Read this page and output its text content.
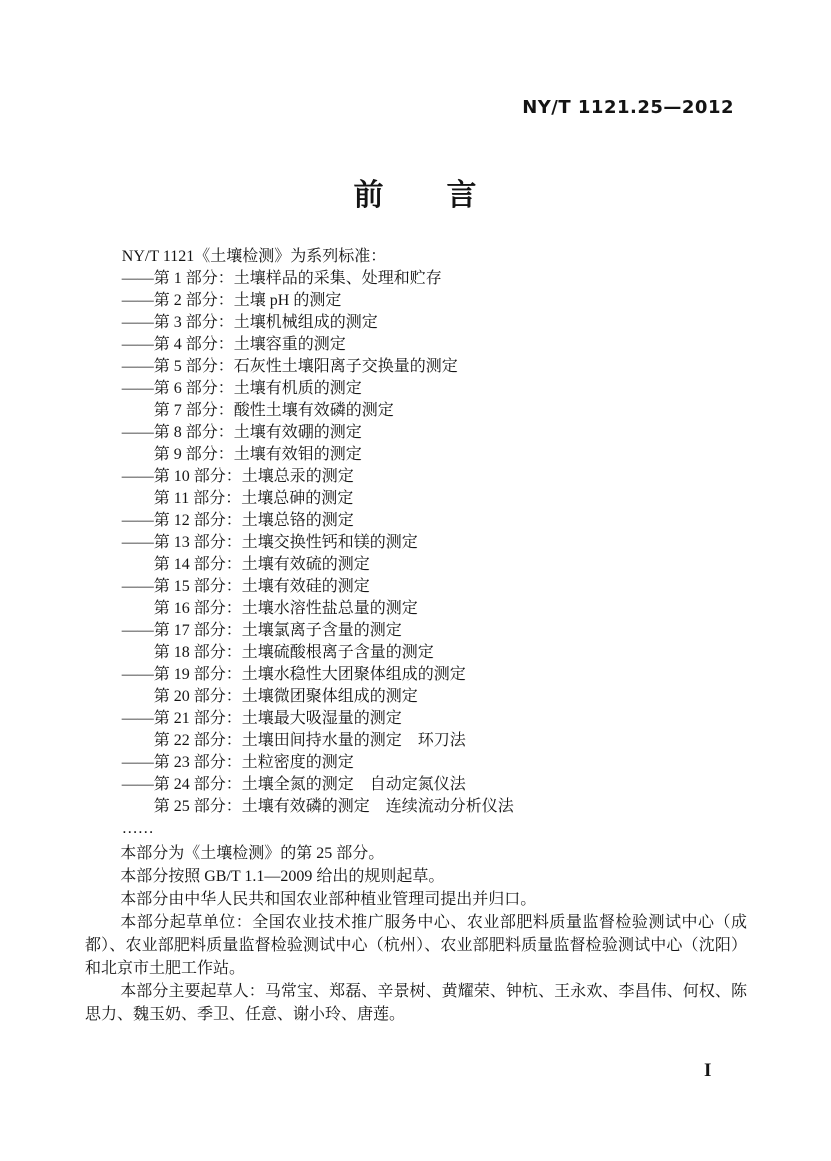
NY/T 1121.25—2012
前　　言
NY/T 1121《土壤检测》为系列标准：
——第 1 部分：土壤样品的采集、处理和贮存
——第 2 部分：土壤 pH 的测定
——第 3 部分：土壤机械组成的测定
——第 4 部分：土壤容重的测定
——第 5 部分：石灰性土壤阳离子交换量的测定
——第 6 部分：土壤有机质的测定
第 7 部分：酸性土壤有效磷的测定
——第 8 部分：土壤有效硼的测定
第 9 部分：土壤有效钼的测定
——第 10 部分：土壤总汞的测定
第 11 部分：土壤总砷的测定
——第 12 部分：土壤总铬的测定
——第 13 部分：土壤交换性钙和镁的测定
第 14 部分：土壤有效硫的测定
——第 15 部分：土壤有效硅的测定
第 16 部分：土壤水溶性盐总量的测定
——第 17 部分：土壤氯离子含量的测定
第 18 部分：土壤硫酸根离子含量的测定
——第 19 部分：土壤水稳性大团聚体组成的测定
第 20 部分：土壤微团聚体组成的测定
——第 21 部分：土壤最大吸湿量的测定
第 22 部分：土壤田间持水量的测定　环刀法
——第 23 部分：土粒密度的测定
——第 24 部分：土壤全氮的测定　自动定氮仪法
第 25 部分：土壤有效磷的测定　连续流动分析仪法
……
本部分为《土壤检测》的第 25 部分。
本部分按照 GB/T 1.1—2009 给出的规则起草。
本部分由中华人民共和国农业部种植业管理司提出并归口。
本部分起草单位：全国农业技术推广服务中心、农业部肥料质量监督检验测试中心（成都）、农业部肥料质量监督检验测试中心（杭州）、农业部肥料质量监督检验测试中心（沈阳）和北京市土肥工作站。
本部分主要起草人：马常宝、郑磊、辛景树、黄耀荣、钟杭、王永欢、李昌伟、何权、陈思力、魏玉奶、季卫、任意、谢小玲、唐莲。
I
